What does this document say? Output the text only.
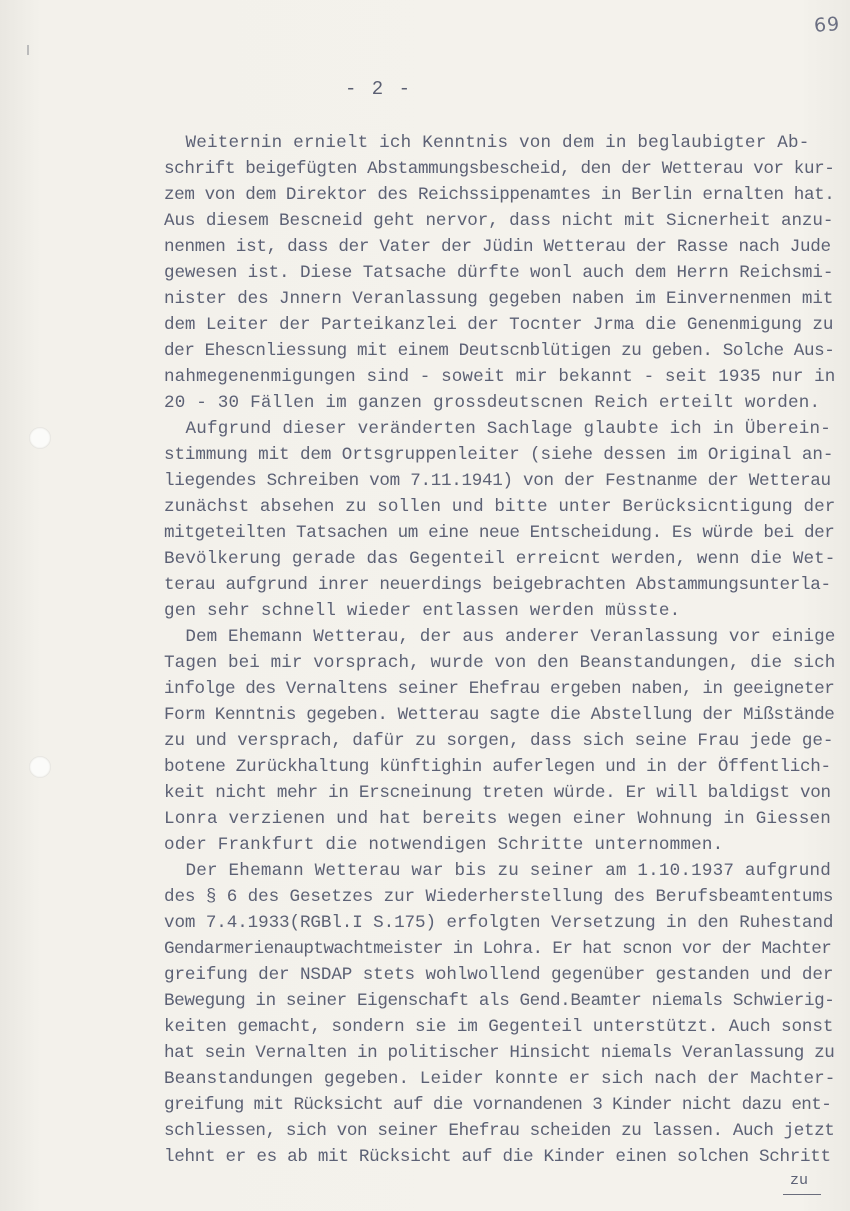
69
- 2 -
Weiternin ernielt ich Kenntnis von dem in beglaubigter Ab-
schrift beigefügten Abstammungsbescheid, den der Wetterau vor kur-
zem von dem Direktor des Reichssippenamtes in Berlin ernalten hat.
Aus diesem Bescneid geht nervor, dass nicht mit Sicnerheit anzu-
nenmen ist, dass der Vater der Jüdin Wetterau der Rasse nach Jude
gewesen ist. Diese Tatsache dürfte wonl auch dem Herrn Reichsmi-
nister des Jnnern Veranlassung gegeben naben im Einvernenmen mit
dem Leiter der Parteikanzlei der Tocnter Jrma die Genenmigung zu
der Ehescnliessung mit einem Deutscnblütigen zu geben. Solche Aus-
nahmegenenmigungen sind - soweit mir bekannt - seit 1935 nur in
20 - 30 Fällen im ganzen grossdeutscnen Reich erteilt worden.
Aufgrund dieser veränderten Sachlage glaubte ich in Überein-
stimmung mit dem Ortsgruppenleiter (siehe dessen im Original an-
liegendes Schreiben vom 7.11.1941) von der Festnanme der Wetterau
zunächst absehen zu sollen und bitte unter Berücksicntigung der
mitgeteilten Tatsachen um eine neue Entscheidung. Es würde bei der
Bevölkerung gerade das Gegenteil erreicnt werden, wenn die Wet-
terau aufgrund inrer neuerdings beigebrachten Abstammungsunterla-
gen sehr schnell wieder entlassen werden müsste.
Dem Ehemann Wetterau, der aus anderer Veranlassung vor einige
Tagen bei mir vorsprach, wurde von den Beanstandungen, die sich
infolge des Vernaltens seiner Ehefrau ergeben naben, in geeigneter
Form Kenntnis gegeben. Wetterau sagte die Abstellung der Mißstände
zu und versprach, dafür zu sorgen, dass sich seine Frau jede ge-
botene Zurückhaltung künftighin auferlegen und in der Öffentlich-
keit nicht mehr in Erscneinung treten würde. Er will baldigst von
Lonra verzienen und hat bereits wegen einer Wohnung in Giessen
oder Frankfurt die notwendigen Schritte unternommen.
Der Ehemann Wetterau war bis zu seiner am 1.10.1937 aufgrund
des § 6 des Gesetzes zur Wiederherstellung des Berufsbeamtentums
vom 7.4.1933(RGBl.I S.175) erfolgten Versetzung in den Ruhestand
Gendarmerienauptwachtmeister in Lohra. Er hat scnon vor der Machter
greifung der NSDAP stets wohlwollend gegenüber gestanden und der
Bewegung in seiner Eigenschaft als Gend.Beamter niemals Schwierig-
keiten gemacht, sondern sie im Gegenteil unterstützt. Auch sonst
hat sein Vernalten in politischer Hinsicht niemals Veranlassung zu
Beanstandungen gegeben. Leider konnte er sich nach der Machter-
greifung mit Rücksicht auf die vornandenen 3 Kinder nicht dazu ent-
schliessen, sich von seiner Ehefrau scheiden zu lassen. Auch jetzt
lehnt er es ab mit Rücksicht auf die Kinder einen solchen Schritt
zu
